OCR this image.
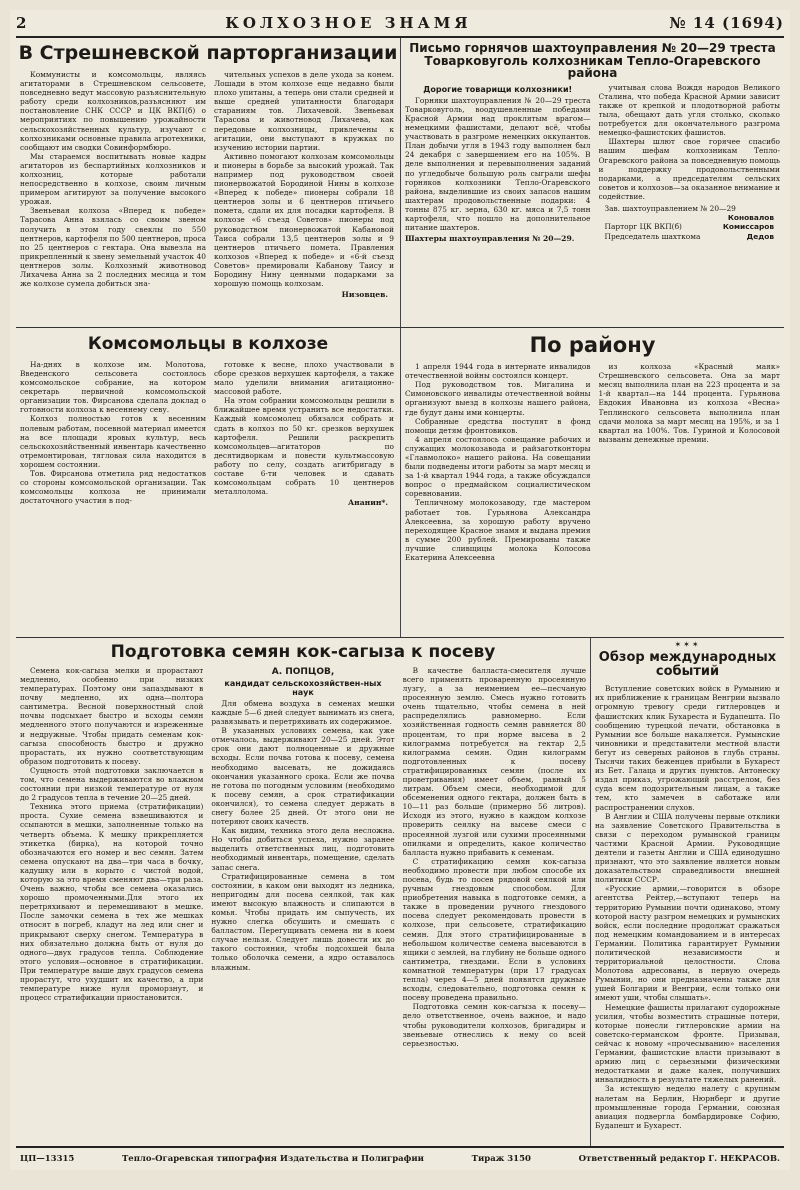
2	КОЛХОЗНОЕ ЗНАМЯ	№ 14 (1694)
В Стрешневской парторганизации

Коммунисты и комсомольцы, являясь агитаторами в Стрешневском сельсовете, повседневно ведут массовую разъяснительную работу среди колхозников,разъясняют им постановление СНК СССР и ЦК ВКП(б) о мероприятиях по повышению урожайности сельскохозяйственных культур, изучают с колхозниками основные правила агротехники, сообщают им сводки Совинформбюро.

Мы стараемся воспитывать новые кадры агитаторов из беспартийных колхозников и колхозниц, которые работали непосредственно в колхозе, своим личным примером агитируют за получение высокого урожая.

Звеньевая колхоза «Вперед к победе» Тарасова Анна взялась со своим звеном получить в этом году свеклы по 550 центнеров, картофеля по 500 центнеров, проса по 25 центнеров с гектара. Она вывезла на прикрепленный к звену земельный участок 40 центнеров золы. Колхозный животновод Лихачева Анна за 2 последних месяца и том же колхозе сумела добиться зна-

чительных успехов в деле ухода за конем. Лошади в этом колхозе еще недавно были плохо упитаны, а теперь они стали средней и выше средней упитанности благодаря стараниям тов. Лихачевой. Звеньевая Тарасова и животновод Лихачева, как передовые колхозницы, привлечены к агитации, они выступают в кружках по изучению истории партии.

Активно помогают колхозам комсомольцы и пионеры в борьбе за высокий урожай. Так например под руководством своей пионервожатой Бородиной Нины в колхозе «Вперед к победе» пионеры собрали 18 центнеров золы и 6 центнеров птичьего помета, сдали их для посадки картофеля. В колхозе «6 съезд Советов» пионеры под руководством пионервожатой Кабановой Таиса собрали 13,5 центнеров золы и 9 центнеров птичьего помета. Правления колхозов «Вперед к победе» и «6-й съезд Советов» премировали Кабанову Таису и Бородину Нину ценными подарками за хорошую помощь колхозам.

Низовцев.
Письмо горнячов шахтоуправления № 20—29 треста
Товарковуголь колхозникам Тепло-Огаревского района
Дорогие товарищи колхозники!

Горняки шахтоуправления № 20—29 треста Товарковуголь, воодушевленные победами Красной Армии над проклятым врагом—немецкими фашистами, делают всё, чтобы участвовать в разгроме немецких оккупантов. План добычи угля в 1943 году выполнен был 24 декабря с завершением его на 105%. В деле выполнения и перевыполнения заданий по угледобыче большую роль сыграли шефы горняков колхозники Тепло-Огаревского района, выделившие из своих запасов нашим шахтерам продовольственные подарки: 4 тонны 875 кг. зерна, 630 кг. мяса и 7,5 тонн картофеля, что пошло на дополнительное питание шахтеров.

Шахтеры шахтоуправления № 20—29.

учитывая слова Вождя народов Великого Сталина, что победа Красной Армии зависит также от крепкой и плодотворной работы тыла, обещают дать угля столько, сколько потребуется для окончательного разгрома немецко-фашистских фашистов.

Шахтеры шлют свое горячее спасибо нашим шефам колхозникам Тепло-Огаревского района за повседневную помощь и поддержку продовольственными подарками, а председателям сельских советов и колхозов—за оказанное внимание и содействие.

Зав. шахтоуправлением № 20—29
Коновалов
Парторг ЦК ВКП(б)	Комиссаров
Председатель шахткома	Дедов
Комсомольцы в колхозе

На-днях в колхозе им. Молотова, Введенского сельсовета состоялось комсомольское собрание, на котором секретарь первичной комсомольской организации тов. Фирсанова сделала доклад о готовности колхоза к весеннему севу.

Колхоз полностью готов к весенним полевым работам, посевной материал имеется на все площади яровых культур, весь сельскохозяйственный инвентарь качественно отремонтирован, тягловая сила находится в хорошем состоянии.

Тов. Фирсанова отметила ряд недостатков со стороны комсомольской организации. Так комсомольцы колхоза не принимали достаточного участия в под-

готовке к весне, плохо участвовали в сборе срезков верхушек картофеля, а также мало уделили внимания агитационно-массовой работе.

На этом собрании комсомольцы решили в ближайшее время устранить все недостатки. Каждый комсомолец обязался собрать и сдать в колхоз по 50 кг. срезков верхушек картофеля. Решили раскрепить комсомольцев—агитаторов по десятидворкам и повести культмассовую работу по селу, создать агитбригаду в составе 6-ти человек и сдавать комсомольцам собрать 10 центнеров металлолома.

Ананин*.
По району

1 апреля 1944 года в интернате инвалидов отечественной войны состоялся концерт.

Под руководством тов. Мигалина и Симоновского инвалиды отечественной войны организуют выезд в колхозы нашего района, где будут даны ими концерты.

Собранные средства поступят в фонд помощи детям фронтовиков.

4 апреля состоялось совещание рабочих и служащих молокозавода и райзаготконторы «Главмолоко» нашего района. На совещании были подведены итоги работы за март месяц и за 1-й квартал 1944 года, а также обсуждался вопрос о предмайском социалистическом соревновании.

Тепличному молокозаводу, где мастером работает тов. Гурьянова Александра Алексеевна, за хорошую работу вручено переходящее Красное знамя и выдана премия в сумме 200 рублей. Премированы также лучшие сливщицы молока Колосова Екатерина Алексеевна

из колхоза «Красный маяк» Стрешневского сельсовета. Она за март месяц выполнила план на 223 процента и за 1-й квартал—на 144 процента. Гурьянова Евдокия Ивановна из колхоза «Весна» Теплинского сельсовета выполнила план сдачи молока за март месяц на 195%, и за 1 квартал на 100%. Тов. Гуриной и Колосовой вызваны денежные премии.

Подготовка семян кок-сагыза к посеву

Семена кок-сагыза мелки и прорастают медленно, особенно при низких температурах. Поэтому они запаздывают в почву медленно, их одна—полтора сантиметра. Весной поверхностный слой почвы подсыхает быстро и всходы семян медленного этого получаются и изреженные и недружные. Чтобы придать семенам кок-сагыза способность быстро и дружно прорастать, их нужно соответствующим образом подготовить к посеву.

Сущность этой подготовки заключается в том, что семена выдерживаются во влажном состоянии при низкой температуре от нуля до 2 градусов тепла в течение 20—25 дней.

Техника этого приема (стратификации) проста. Сухие семена взвешиваются и ссыпаются в мешки, заполненные только на четверть объема. К мешку прикрепляется этикетка (бирка), на которой точно обозначаются его номер и вес семян. Затем семена опускают на два—три часа в бочку, кадушку или в корыто с чистой водой, которую за это время сменяют два—три раза. Очень важно, чтобы все семена оказались хорошо промоченными.Для этого их перетряхивают и перемешивают в мешке. После замочки семена в тех же мешках относят в погреб, кладут на лед или снег и прикрывают сверху снегом. Температура в них обязательно должна быть от нуля до одного—двух градусов тепла. Соблюдение этого условия—основное в стратификации. При температуре выше двух градусов семена прорастут, что ухудшит их качество, а при температуре ниже нуля проморзнут, и процесс стратификации приостановится.

А. ПОПЦОВ,
кандидат сельскохозяйствен-ных наук

Для обмена воздуха в семенах мешки каждые 5—6 дней следует вынимать из снега, развязывать и перетряхивать их содержимое.

В указанных условиях семена, как уже отмечалось, выдерживают 20—25 дней. Этот срок они дают полноценные и дружные всходы. Если почва готова к посеву, семена необходимо высевать, не дожидаясь окончания указанного срока. Если же почва не готова по погодным условиям (необходимо к посеву семян, а срок стратификации окончился), то семена следует держать в снегу более 25 дней. От этого они не потеряют своих качеств.

Как видим, техника этого дела несложна. Но чтобы добиться успеха, нужно заранее выделить ответственных лиц, подготовить необходимый инвентарь, помещение, сделать запас снега.

Стратифицированные семена в том состоянии, в каком они выходят из ледника, непригодны для посева сеялкой, так как имеют высокую влажность и слипаются в комья. Чтобы придать им сыпучесть, их нужно слегка обсушить и смешать с балластом. Перегущивать семена ни в коем случае нельзя. Следует лишь довести их до такого состояния, чтобы подсохшей была только оболочка семени, а ядро оставалось влажным.

В качестве балласта-смесителя лучше всего применять проваренную просеянную лузгу, а за неимением ее—песчаную просеянную землю. Смесь нужно готовить очень тщательно, чтобы семена в ней распределялись равномерно. Если хозяйственная годность семян равняется 80 процентам, то при норме высева в 2 килограмма потребуется на гектар 2,5 килограмма семян. Один килограмм подготовленных к посеву стратифицированных семян (после их проветривания) имеет объем, равный 5 литрам. Объем смеси, необходимой для обсеменения одного гектара, должен быть в 10—11 раз больше (примерно 56 литров). Исходя из этого, нужно в каждом колхозе проверить сеялку на высеве смеси с просеянной лузгой или сухими просеянными опилками и определить, какое количество балласта нужно прибавить к семенам.

С стратификацию семян кок-сагыза необходимо провести при любом способе их посева, будь то посев рядовой сеялкой или ручным гнездовым способом. Для приобретения навыка в подготовке семян, а также в проведении ручного гнездового посева следует рекомендовать провести в колхозе, при сельсовете, стратификацию семян. Для этого стратифицированные в небольшом количестве семена высеваются в ящики с землей, на глубину не больше одного сантиметра, гнездами. Если в условиях комнатной температуры (при 17 градусах тепла) через 4—5 дней появятся дружные всходы, следовательно, подготовка семян к посеву проведена правильно.

Подготовка семян кок-сагыза к посеву—дело ответственное, очень важное, и надо чтобы руководители колхозов, бригадиры и звеньевые отнеслись к нему со всей серьезностью.

✶✶✶
Обзор международных событий

Вступление советских войск в Румынию и их приближение к границам Венгрии вызвало огромную тревогу среди гитлеровцев и фашистских клик Бухареста и Будапешта. По сообщению турецкой печати, обстановка в Румынии все больше накаляется. Румынские чиновники и представители местной власти бегут из северных районов в глубь страны. Тысячи таких беженцев прибыли в Бухарест из Бет. Галаца и других пунктов. Антонеску издал приказ, угрожающий расстрелом, без суда всем подозрительным лицам, а также тем, кто замечен в саботаже или распространении слухов.

В Англии и США получены первые отклики на заявление Советского Правительства в связи с переходом румынской границы частями Красной Армии. Руководящие деятели и газеты Англии и США единодушно признают, что это заявление является новым доказательством справедливости внешней политики СССР.

«Русские армии,—говорится в обзоре агентства Рейтер,—вступают теперь на территорию Румынии почти одинаково, этому которой насту разгром немецких и румынских войск, если последние продолжат сражаться под немецким командованием и в интересах Германии. Политика гарантирует Румынии политической независимости и территориальной целостности. Слова Молотова адресованы, в первую очередь Румынии, но они предназначены также для ушей Болгарии и Венгрии, если только они имеют уши, чтобы слышать».

Немецкие фашисты прилагают судорожные усилия, чтобы возместить страшные потери, которые понесли гитлеровские армии на советско-германском фронте. Призывая, сейчас к новому «прочесыванию» населения Германии, фашистские власти призывают в армию лиц с серьезными физическими недостатками и даже калек, получивших инвалидность в результате тяжелых ранений.

За истекшую неделю налету с крупным налетам на Берлин, Нюрнберг и другие промышленные города Германии, союзная авиация подвергла бомбардировке Софию, Будапешт и Бухарест.

ЦП—13315	Тепло-Огаревская типография Издательства и Полиграфии	Тираж 3150	Ответственный редактор Г. НЕКРАСОВ.
